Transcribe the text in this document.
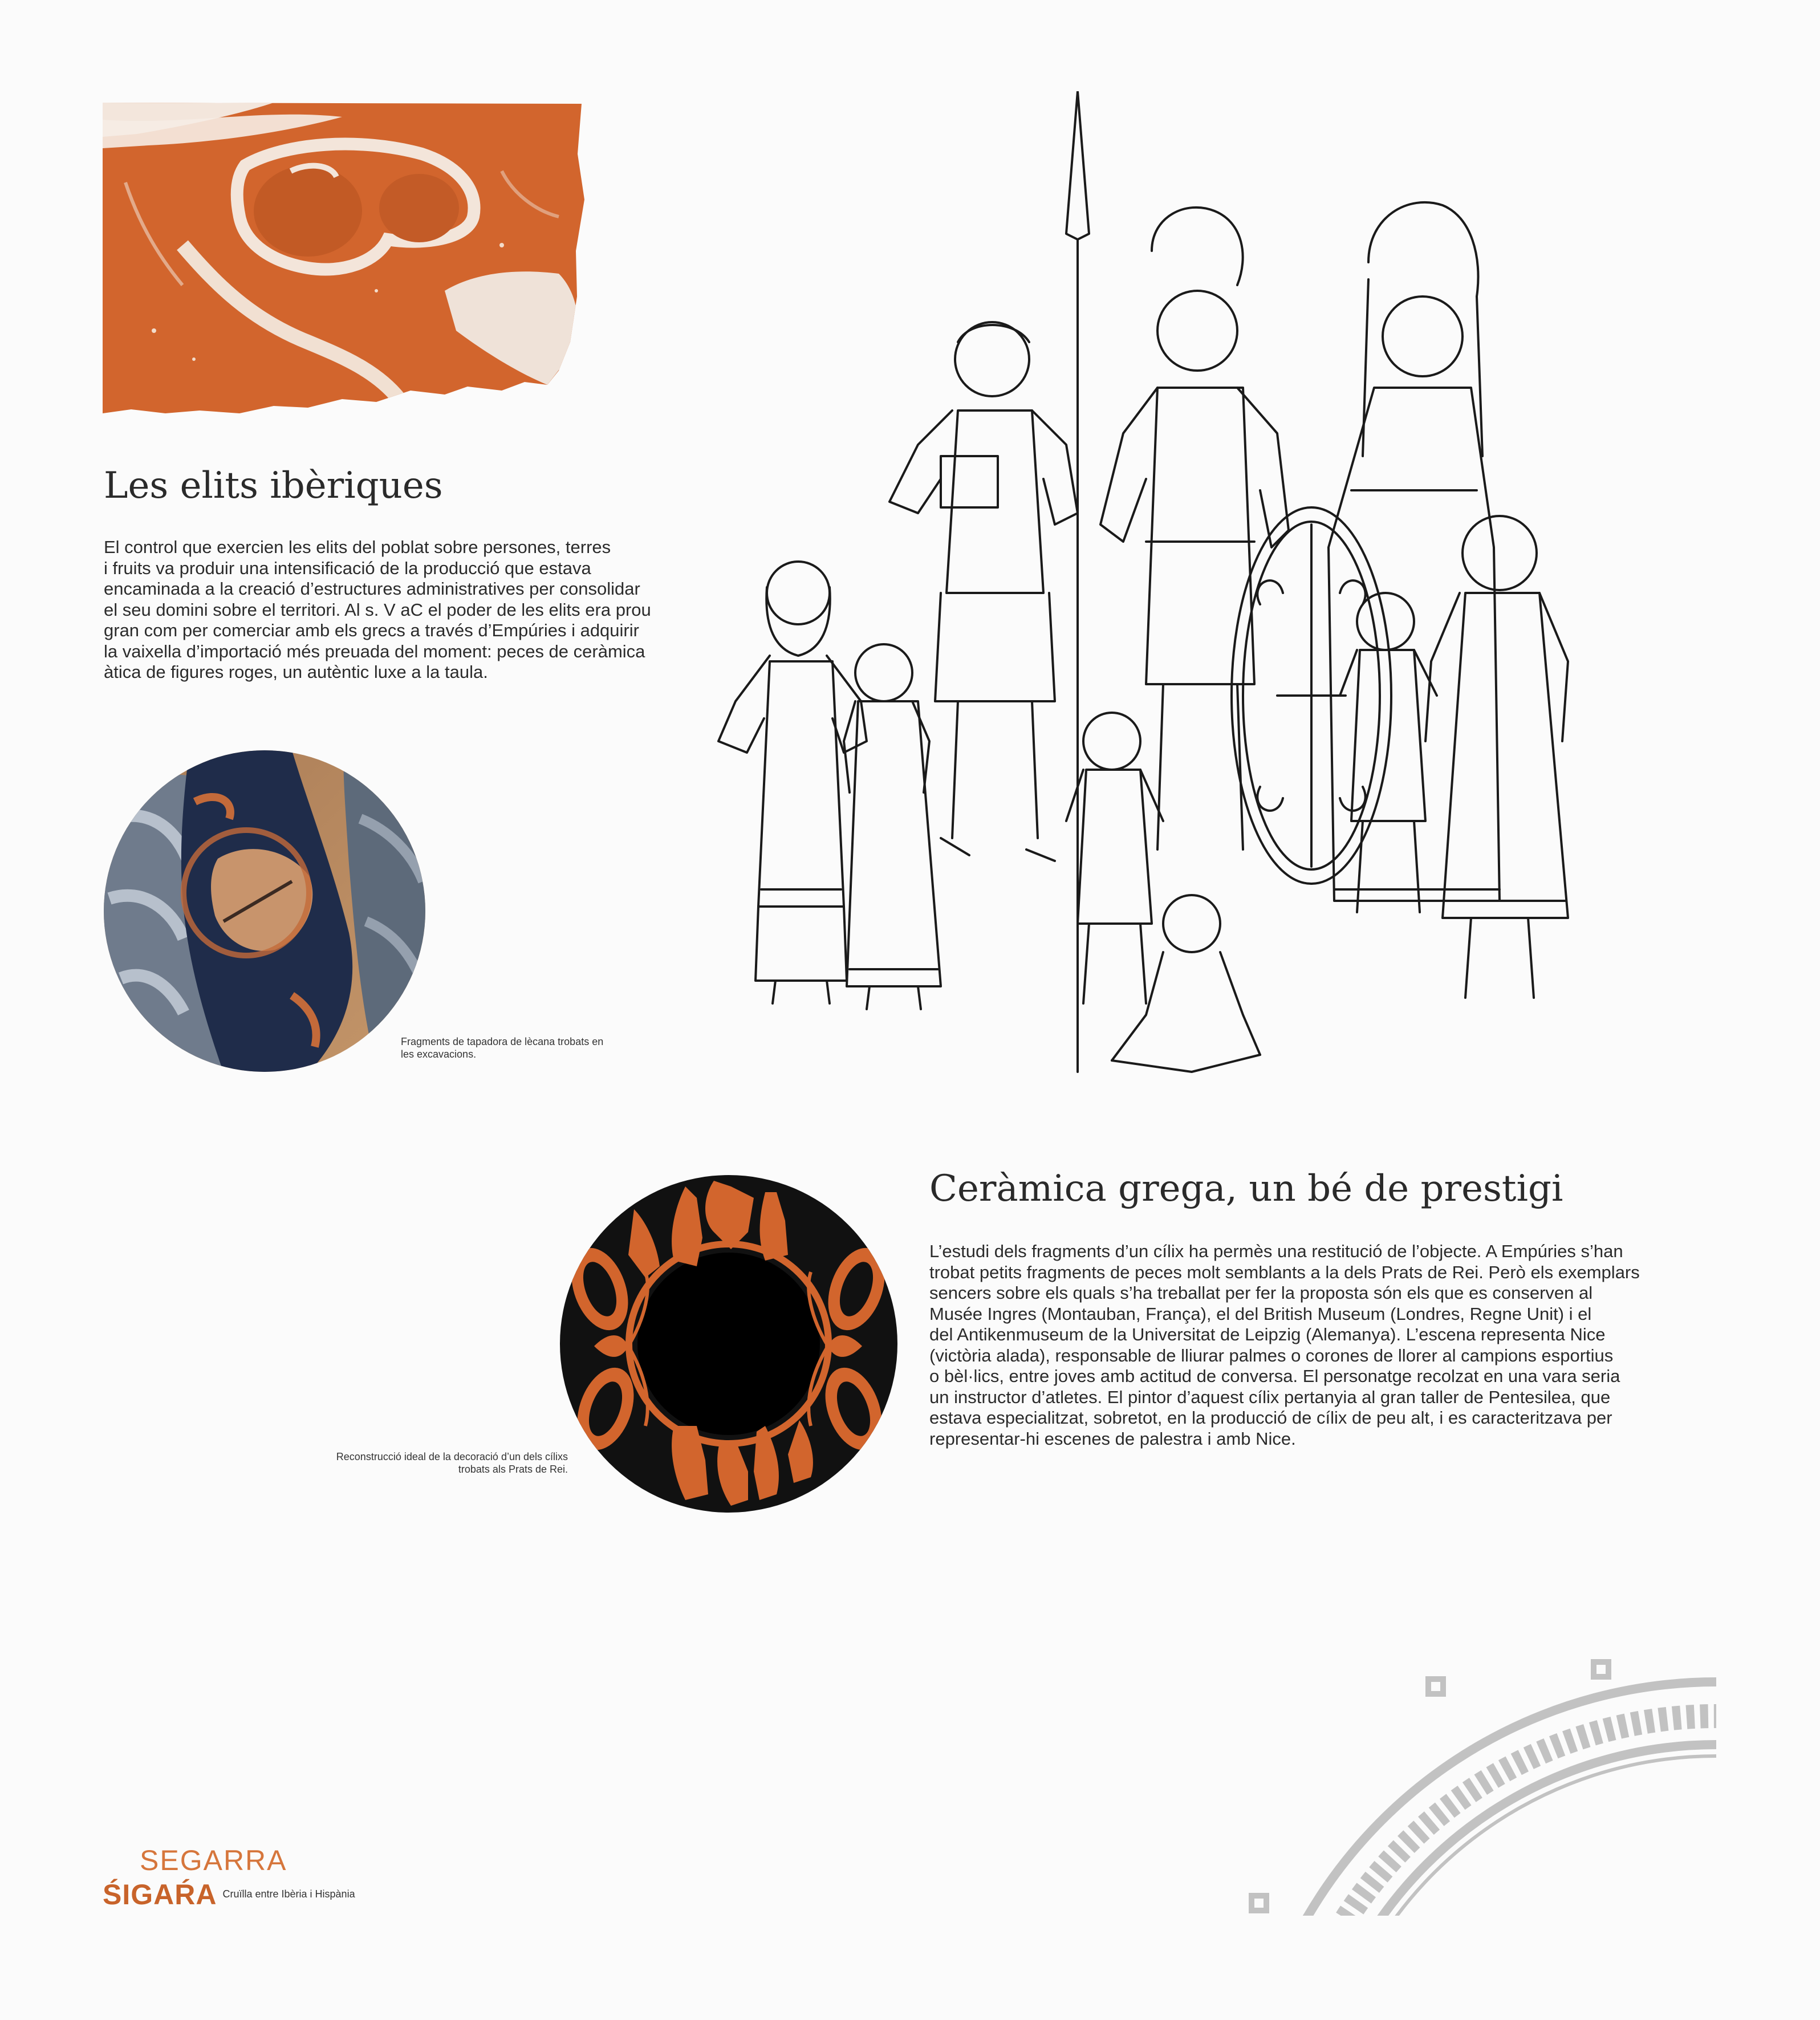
Les elits ibèriques

El control que exercien les elits del poblat sobre persones, terres

i fruits va produir una intensificació de la producció que estava

encaminada a la creació d’estructures administratives per consolidar

el seu domini sobre el territori. Al s. V aC el poder de les elits era prou

gran com per comerciar amb els grecs a través d’Empúries i adquirir

la vaixella d’importació més preuada del moment: peces de ceràmica

àtica de figures roges, un autèntic luxe a la taula.

Fragments de tapadora de lècana trobats en

les excavacions.

Reconstrucció ideal de la decoració d’un dels cílixs

trobats als Prats de Rei.

Ceràmica grega, un bé de prestigi

L’estudi dels fragments d’un cílix ha permès una restitució de l’objecte. A Empúries s’han

trobat petits fragments de peces molt semblants a la dels Prats de Rei. Però els exemplars

sencers sobre els quals s’ha treballat per fer la proposta són els que es conserven al

Musée Ingres (Montauban, França), el del British Museum (Londres, Regne Unit) i el

del Antikenmuseum de la Universitat de Leipzig (Alemanya). L’escena representa Nice

(victòria alada), responsable de lliurar palmes o corones de llorer al campions esportius

o bèl·lics, entre joves amb actitud de conversa. El personatge recolzat en una vara seria

un instructor d’atletes. El pintor d’aquest cílix pertanyia al gran taller de Pentesilea, que

estava especialitzat, sobretot, en la producció de cílix de peu alt, i es caracteritzava per

representar-hi escenes de palestra i amb Nice.

SEGARRA
ŚIGAŔA Cruïlla entre Ibèria i Hispània
